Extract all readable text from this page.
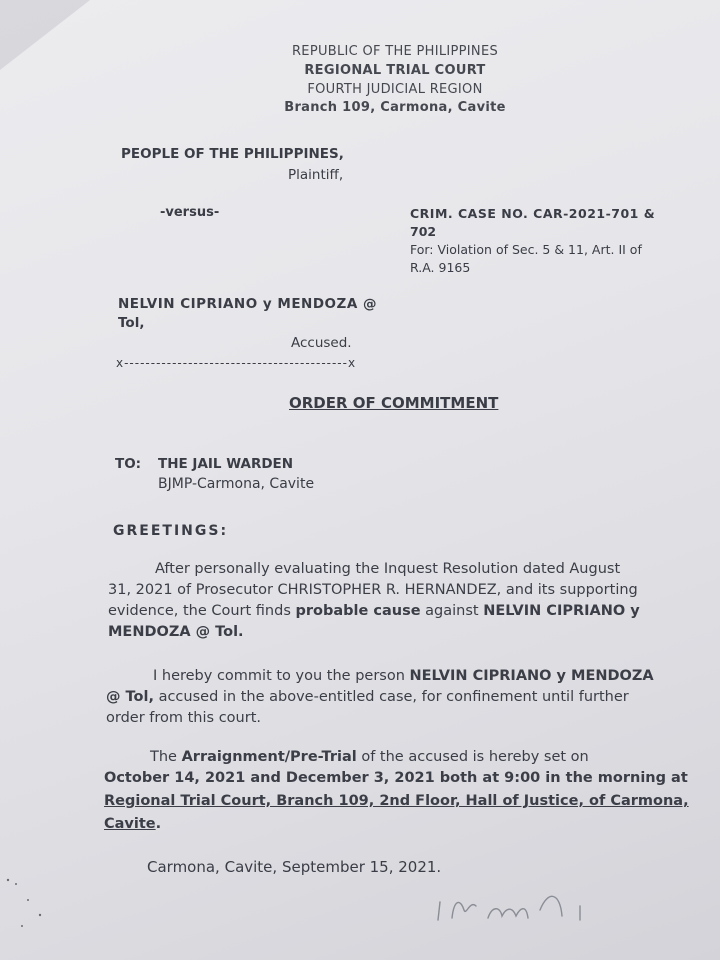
REPUBLIC OF THE PHILIPPINES
REGIONAL TRIAL COURT
FOURTH JUDICIAL REGION
Branch 109, Carmona, Cavite
PEOPLE OF THE PHILIPPINES,
Plaintiff,
-versus-	CRIM. CASE NO. CAR-2021-701 &
702
For: Violation of Sec. 5 & 11, Art. II of
R.A. 9165
NELVIN CIPRIANO y MENDOZA @
Tol,
Accused.
x------------------------------------------x
ORDER OF COMMITMENT
TO: THE JAIL WARDEN
BJMP-Carmona, Cavite
GREETINGS:
After personally evaluating the Inquest Resolution dated August
31, 2021 of Prosecutor CHRISTOPHER R. HERNANDEZ, and its supporting
evidence, the Court finds probable cause against NELVIN CIPRIANO y
MENDOZA @ Tol.
I hereby commit to you the person NELVIN CIPRIANO y MENDOZA
@ Tol, accused in the above-entitled case, for confinement until further
order from this court.
The Arraignment/Pre-Trial of the accused is hereby set on
October 14, 2021 and December 3, 2021 both at 9:00 in the morning at
Regional Trial Court, Branch 109, 2nd Floor, Hall of Justice, of Carmona,
Cavite.
Carmona, Cavite, September 15, 2021.
